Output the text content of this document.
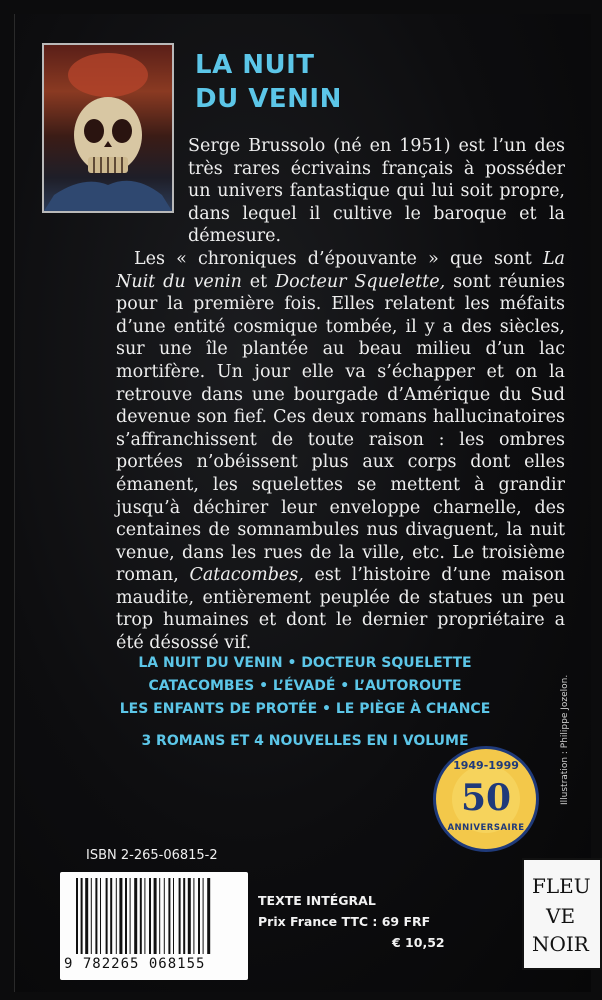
LA NUIT
DU VENIN

Serge Brussolo (né en 1951) est l’un des très rares écrivains français à posséder un univers fantastique qui lui soit propre, dans lequel il cultive le baroque et la démesure.

Les « chroniques d’épouvante » que sont La Nuit du venin et Docteur Squelette, sont réunies pour la première fois. Elles relatent les méfaits d’une entité cosmique tombée, il y a des siècles, sur une île plantée au beau milieu d’un lac mortifère. Un jour elle va s’échapper et on la retrouve dans une bourgade d’Amérique du Sud devenue son fief. Ces deux romans hallucinatoires s’affranchissent de toute raison : les ombres portées n’obéissent plus aux corps dont elles émanent, les squelettes se mettent à grandir jusqu’à déchirer leur enveloppe charnelle, des centaines de somnambules nus divaguent, la nuit venue, dans les rues de la ville, etc. Le troisième roman, Catacombes, est l’histoire d’une maison maudite, entièrement peuplée de statues un peu trop humaines et dont le dernier propriétaire a été désossé vif.

LA NUIT DU VENIN • DOCTEUR SQUELETTE
CATACOMBES • L’ÉVADÉ • L’AUTOROUTE
LES ENFANTS DE PROTÉE • LE PIÈGE À CHANCE
3 ROMANS ET 4 NOUVELLES EN I VOLUME	Illustration : Philippe Jozelon.
1949-1999
50
ANNIVERSAIRE
ISBN 2-265-06815-2
9 782265 068155
TEXTE INTÉGRAL
Prix France TTC : 69 FRF
€ 10,52
FLEU
VE
NOIR
